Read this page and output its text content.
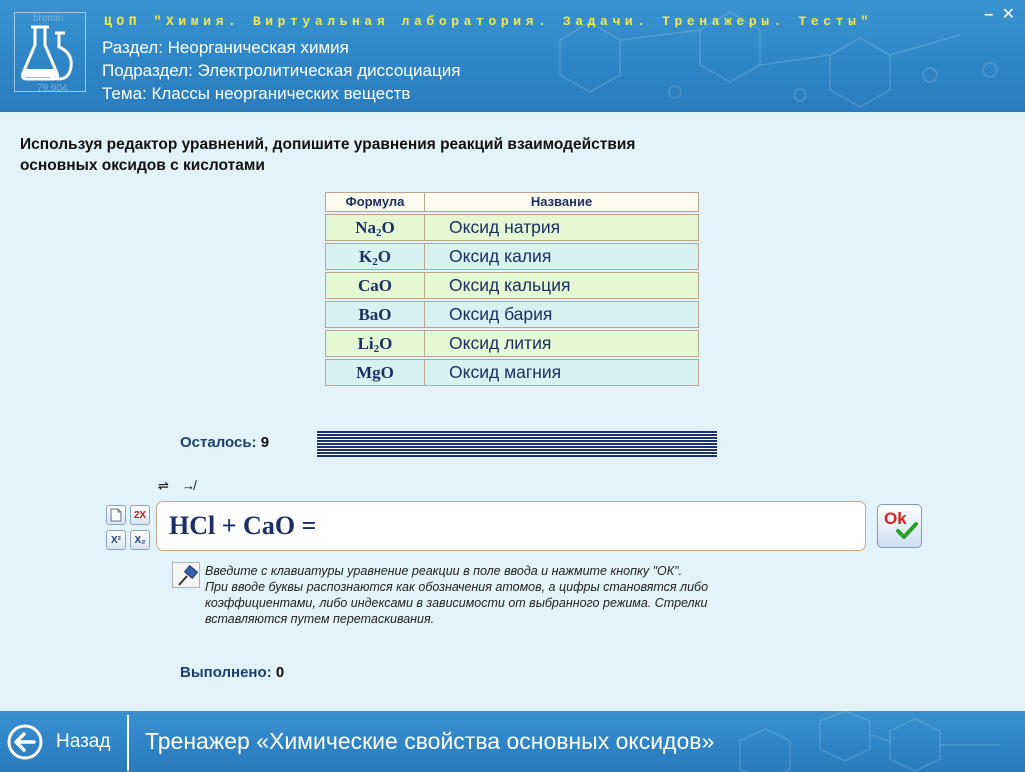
bromin
79.904
ЦОП "Химия. Виртуальная лаборатория. Задачи. Тренажеры. Тесты"
Раздел: Неорганическая химия
Подраздел: Электролитическая диссоциация
Тема: Классы неорганических веществ
– ✕
Используя редактор уравнений, допишите уравнения реакций взаимодействия
основных оксидов с кислотами
Формула	Название
$Na_2O$	Оксид натрия
$K_2O$	Оксид калия
CaO	Оксид кальция
BaO	Оксид бария
$Li_2O$	Оксид лития
MgO	Оксид магния
Осталось: 9
⇌ ↛
2X
X²	X₂ HCl + CaO =	Ok
Введите с клавиатуры уравнение реакции в поле ввода и нажмите кнопку "ОК".
При вводе буквы распознаются как обозначения атомов, а цифры становятся либо
коэффициентами, либо индексами в зависимости от выбранного режима. Стрелки
вставляются путем перетаскивания.
Выполнено: 0
Назад Тренажер «Химические свойства основных оксидов»
